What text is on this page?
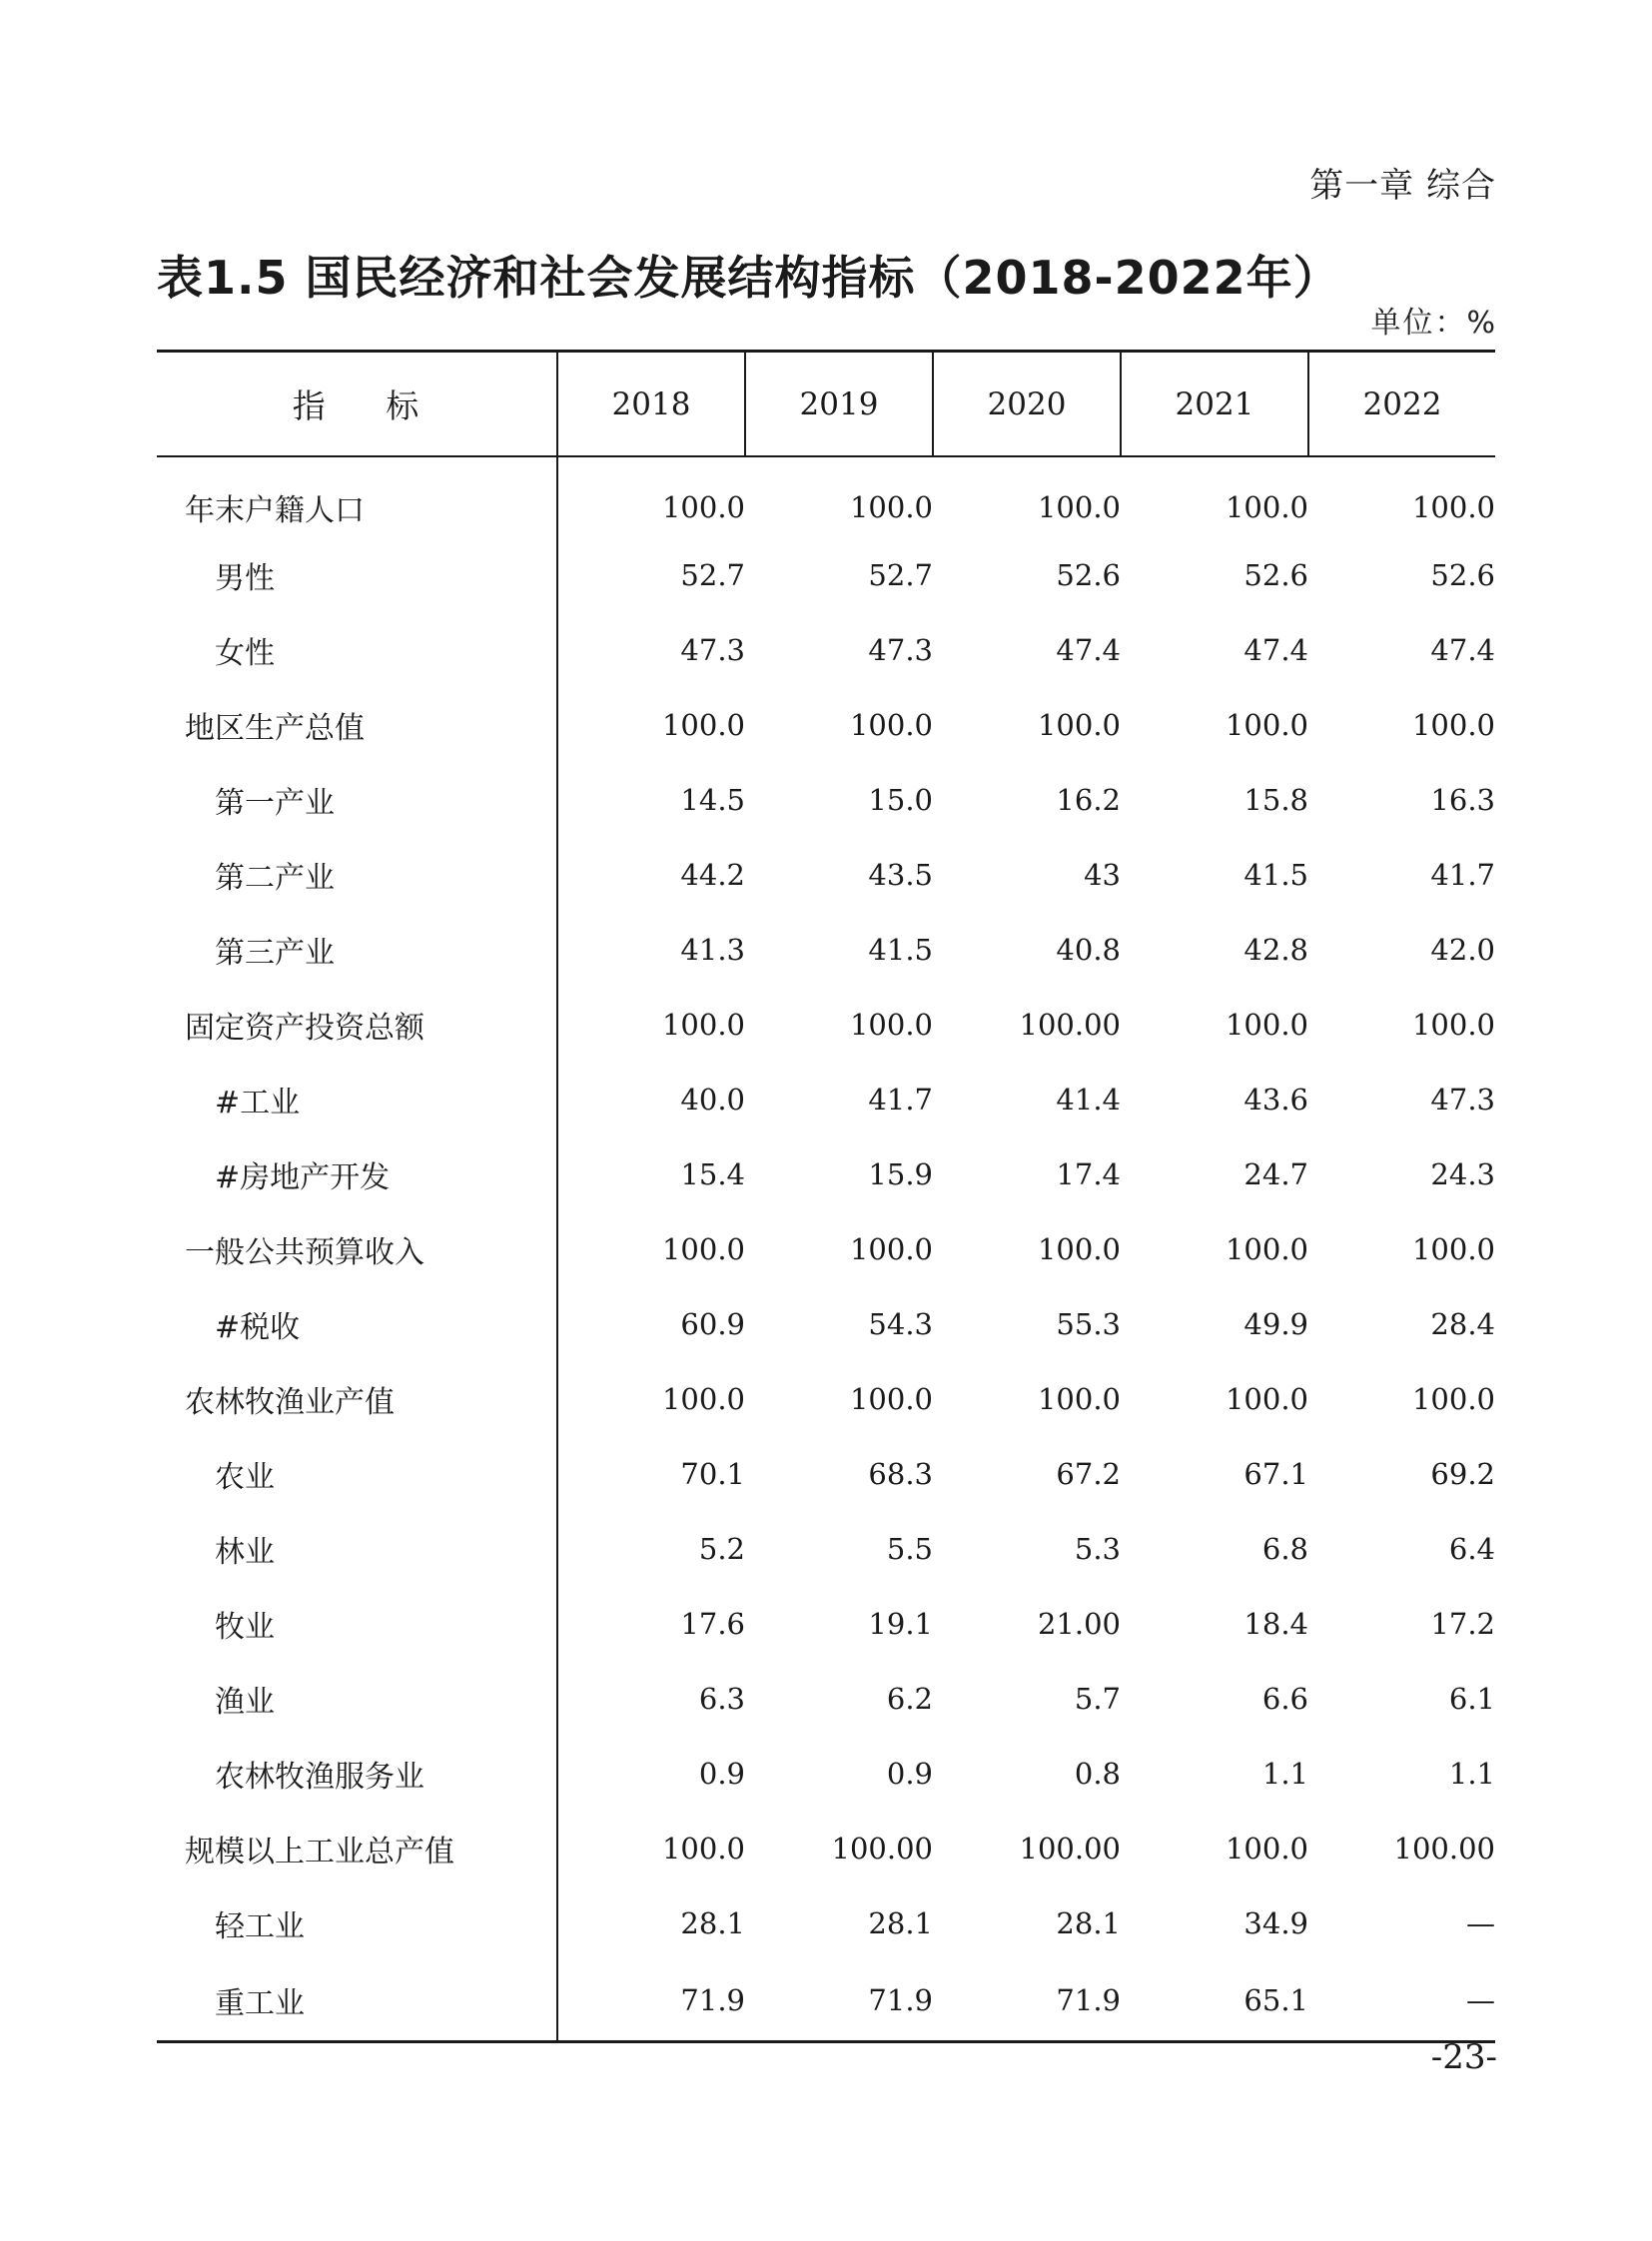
第一章 综合
表1.5 国民经济和社会发展结构指标（2018-2022年）
单位：%
指 标	2018	2019	2020	2021	2022
年末户籍人口	100.0	100.0	100.0	100.0	100.0
男性	52.7	52.7	52.6	52.6	52.6
女性	47.3	47.3	47.4	47.4	47.4
地区生产总值	100.0	100.0	100.0	100.0	100.0
第一产业	14.5	15.0	16.2	15.8	16.3
第二产业	44.2	43.5	43	41.5	41.7
第三产业	41.3	41.5	40.8	42.8	42.0
固定资产投资总额	100.0	100.0	100.00	100.0	100.0
#工业	40.0	41.7	41.4	43.6	47.3
#房地产开发	15.4	15.9	17.4	24.7	24.3
一般公共预算收入	100.0	100.0	100.0	100.0	100.0
#税收	60.9	54.3	55.3	49.9	28.4
农林牧渔业产值	100.0	100.0	100.0	100.0	100.0
农业	70.1	68.3	67.2	67.1	69.2
林业	5.2	5.5	5.3	6.8	6.4
牧业	17.6	19.1	21.00	18.4	17.2
渔业	6.3	6.2	5.7	6.6	6.1
农林牧渔服务业	0.9	0.9	0.8	1.1	1.1
规模以上工业总产值	100.0	100.00	100.00	100.0	100.00
轻工业	28.1	28.1	28.1	34.9	—
重工业	71.9	71.9	71.9	65.1	—
-23-
